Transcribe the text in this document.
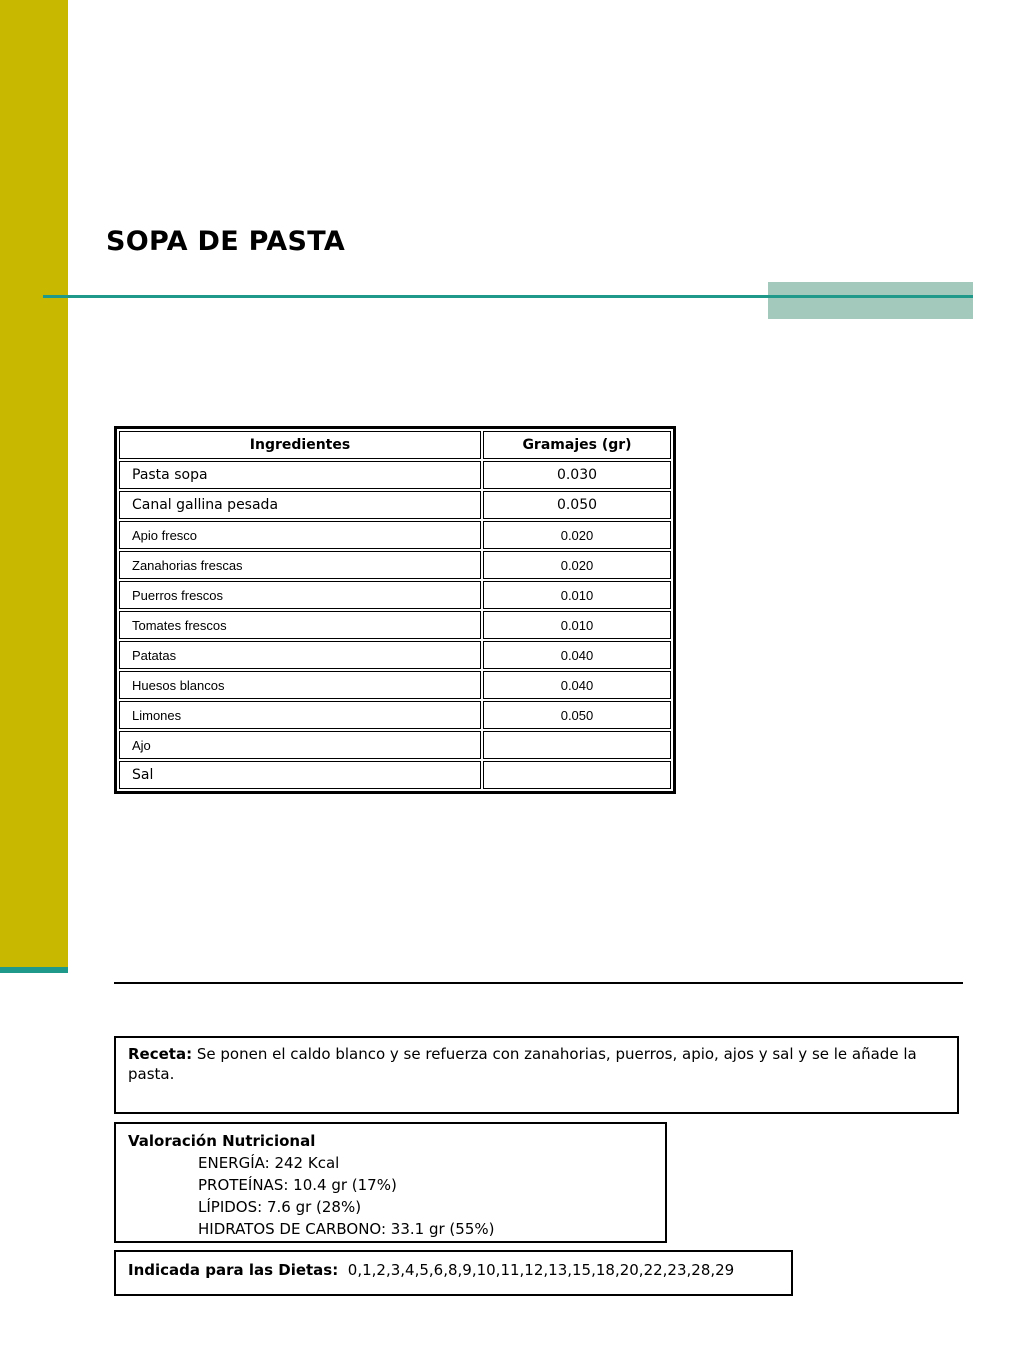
SOPA DE PASTA
Ingredientes	Gramajes (gr)
Pasta sopa	0.030
Canal gallina pesada	0.050
Apio fresco	0.020
Zanahorias frescas	0.020
Puerros frescos	0.010
Tomates frescos	0.010
Patatas	0.040
Huesos blancos	0.040
Limones	0.050
Ajo	
Sal	
Receta: Se ponen el caldo blanco y se refuerza con zanahorias, puerros, apio, ajos y sal y se le añade la pasta.
Valoración Nutricional
ENERGÍA: 242 Kcal
PROTEÍNAS: 10.4 gr (17%)
LÍPIDOS: 7.6 gr (28%)
HIDRATOS DE CARBONO: 33.1 gr (55%)
Indicada para las Dietas: 0,1,2,3,4,5,6,8,9,10,11,12,13,15,18,20,22,23,28,29
